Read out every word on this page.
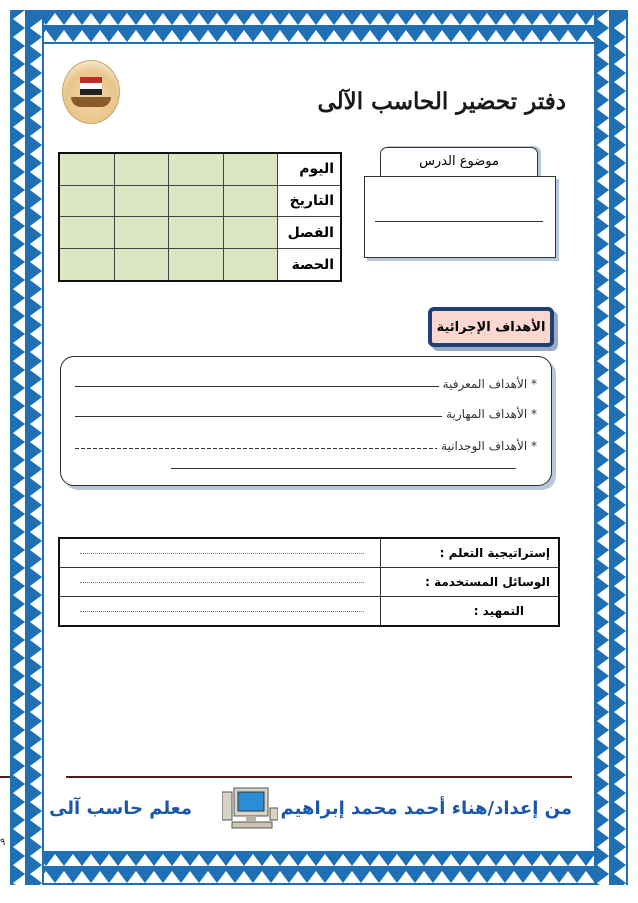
دفتر تحضير الحاسب الآلى
				اليوم
				التاريخ
				الفصل
				الحصة
موضوع الدرس
الأهداف الإجرائية
* الأهداف المعرفية
* الأهداف المهارية
* الأهداف الوجدانية
	إستراتيجية التعلم :

	الوسائل المستخدمة :

	التمهيد :
من إعداد/هناء أحمد محمد إبراهيم
معلم حاسب آلى
٩
